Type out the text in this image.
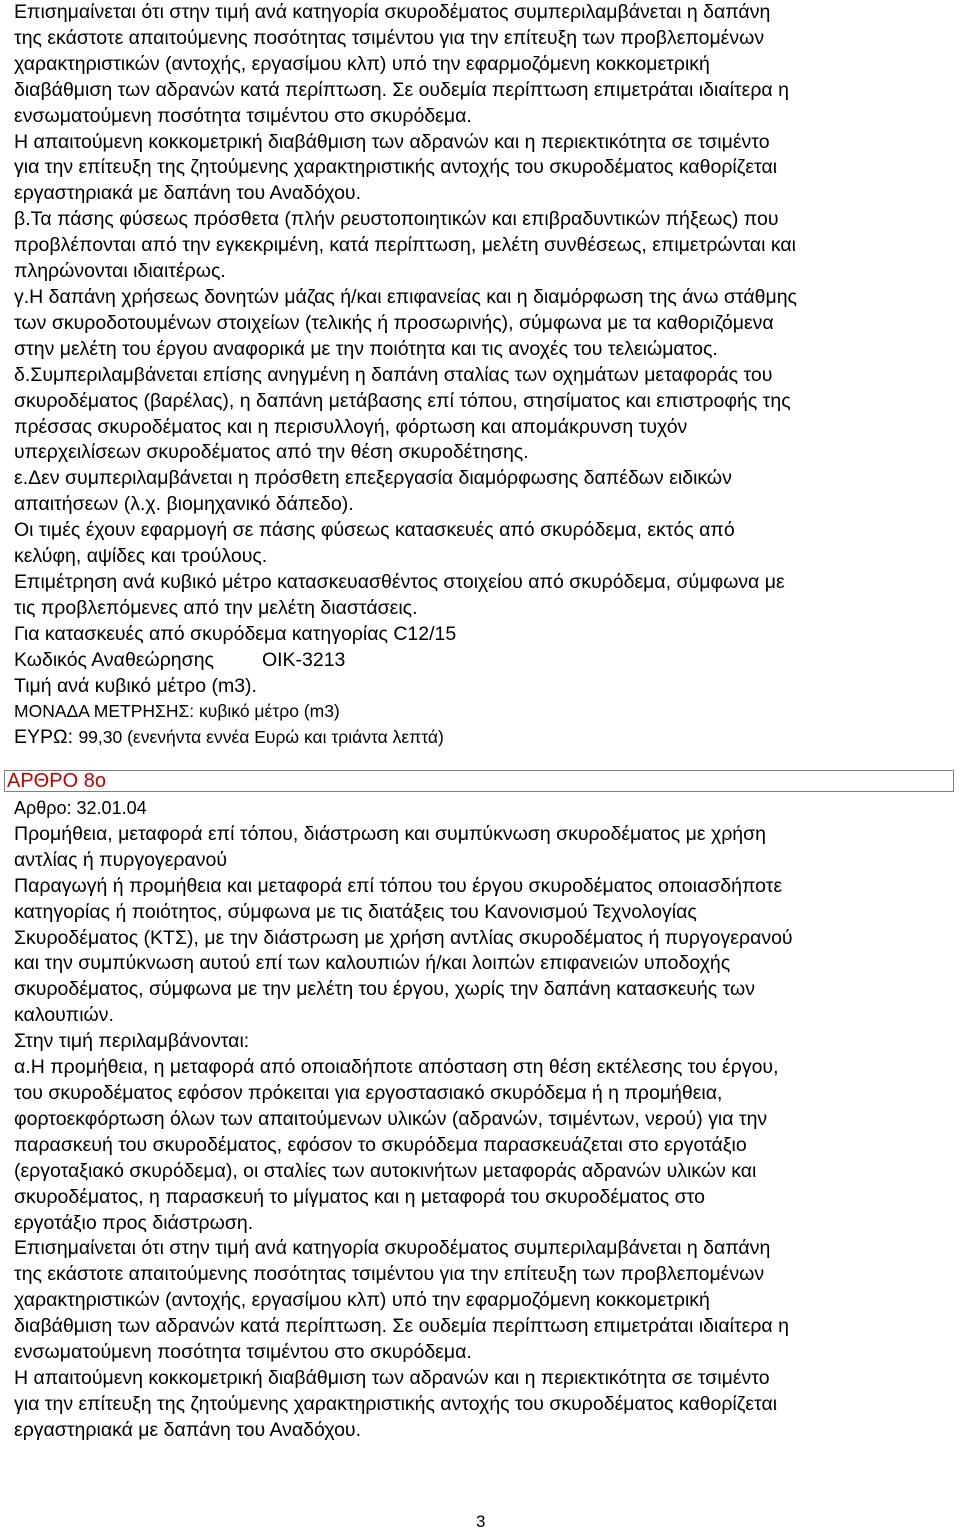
Επισημαίνεται ότι στην τιμή ανά κατηγορία σκυροδέματος συμπεριλαμβάνεται η δαπάνη
της εκάστοτε απαιτούμενης ποσότητας τσιμέντου για την επίτευξη των προβλεπομένων
χαρακτηριστικών (αντοχής, εργασίμου κλπ) υπό την εφαρμοζόμενη κοκκομετρική
διαβάθμιση των αδρανών κατά περίπτωση. Σε ουδεμία περίπτωση επιμετράται ιδιαίτερα η
ενσωματούμενη ποσότητα τσιμέντου στο σκυρόδεμα.

Η απαιτούμενη κοκκομετρική διαβάθμιση των αδρανών και η περιεκτικότητα σε τσιμέντο
για την επίτευξη της ζητούμενης χαρακτηριστικής αντοχής του σκυροδέματος καθορίζεται
εργαστηριακά με δαπάνη του Αναδόχου.

β.Τα πάσης φύσεως πρόσθετα (πλήν ρευστοποιητικών και επιβραδυντικών πήξεως) που
προβλέπονται από την εγκεκριμένη, κατά περίπτωση, μελέτη συνθέσεως, επιμετρώνται και
πληρώνονται ιδιαιτέρως.

γ.Η δαπάνη χρήσεως δονητών μάζας ή/και επιφανείας και η διαμόρφωση της άνω στάθμης
των σκυροδοτουμένων στοιχείων (τελικής ή προσωρινής), σύμφωνα με τα καθοριζόμενα
στην μελέτη του έργου αναφορικά με την ποιότητα και τις ανοχές του τελειώματος.

δ.Συμπεριλαμβάνεται επίσης ανηγμένη η δαπάνη σταλίας των οχημάτων μεταφοράς του
σκυροδέματος (βαρέλας), η δαπάνη μετάβασης επί τόπου, στησίματος και επιστροφής της
πρέσσας σκυροδέματος και η περισυλλογή, φόρτωση και απομάκρυνση τυχόν
υπερχειλίσεων σκυροδέματος από την θέση σκυροδέτησης.

ε.Δεν συμπεριλαμβάνεται η πρόσθετη επεξεργασία διαμόρφωσης δαπέδων ειδικών
απαιτήσεων (λ.χ. βιομηχανικό δάπεδο).

Οι τιμές έχουν εφαρμογή σε πάσης φύσεως κατασκευές από σκυρόδεμα, εκτός από
κελύφη, αψίδες και τρούλους.

Επιμέτρηση ανά κυβικό μέτρο κατασκευασθέντος στοιχείου από σκυρόδεμα, σύμφωνα με
τις προβλεπόμενες από την μελέτη διαστάσεις.

Για κατασκευές από σκυρόδεμα κατηγορίας C12/15

Κωδικός Αναθεώρησης ΟΙΚ-3213

Τιμή ανά κυβικό μέτρο (m3).

ΜΟΝΑΔΑ ΜΕΤΡΗΣΗΣ: κυβικό μέτρο (m3)

ΕΥΡΩ: 99,30 (ενενήντα εννέα Ευρώ και τριάντα λεπτά)

ΑΡΘΡΟ 8ο

Αρθρο: 32.01.04

Προμήθεια, μεταφορά επί τόπου, διάστρωση και συμπύκνωση σκυροδέματος με χρήση
αντλίας ή πυργογερανού

Παραγωγή ή προμήθεια και μεταφορά επί τόπου του έργου σκυροδέματος οποιασδήποτε
κατηγορίας ή ποιότητος, σύμφωνα με τις διατάξεις του Κανονισμού Τεχνολογίας
Σκυροδέματος (ΚΤΣ), με την διάστρωση με χρήση αντλίας σκυροδέματος ή πυργογερανού
και την συμπύκνωση αυτού επί των καλουπιών ή/και λοιπών επιφανειών υποδοχής
σκυροδέματος, σύμφωνα με την μελέτη του έργου, χωρίς την δαπάνη κατασκευής των
καλουπιών.

Στην τιμή περιλαμβάνονται:

α.Η προμήθεια, η μεταφορά από οποιαδήποτε απόσταση στη θέση εκτέλεσης του έργου,
του σκυροδέματος εφόσον πρόκειται για εργοστασιακό σκυρόδεμα ή η προμήθεια,
φορτοεκφόρτωση όλων των απαιτούμενων υλικών (αδρανών, τσιμέντων, νερού) για την
παρασκευή του σκυροδέματος, εφόσον το σκυρόδεμα παρασκευάζεται στο εργοτάξιο
(εργοταξιακό σκυρόδεμα), οι σταλίες των αυτοκινήτων μεταφοράς αδρανών υλικών και
σκυροδέματος, η παρασκευή το μίγματος και η μεταφορά του σκυροδέματος στο
εργοτάξιο προς διάστρωση.

Επισημαίνεται ότι στην τιμή ανά κατηγορία σκυροδέματος συμπεριλαμβάνεται η δαπάνη
της εκάστοτε απαιτούμενης ποσότητας τσιμέντου για την επίτευξη των προβλεπομένων
χαρακτηριστικών (αντοχής, εργασίμου κλπ) υπό την εφαρμοζόμενη κοκκομετρική
διαβάθμιση των αδρανών κατά περίπτωση. Σε ουδεμία περίπτωση επιμετράται ιδιαίτερα η
ενσωματούμενη ποσότητα τσιμέντου στο σκυρόδεμα.

Η απαιτούμενη κοκκομετρική διαβάθμιση των αδρανών και η περιεκτικότητα σε τσιμέντο
για την επίτευξη της ζητούμενης χαρακτηριστικής αντοχής του σκυροδέματος καθορίζεται
εργαστηριακά με δαπάνη του Αναδόχου.

3
